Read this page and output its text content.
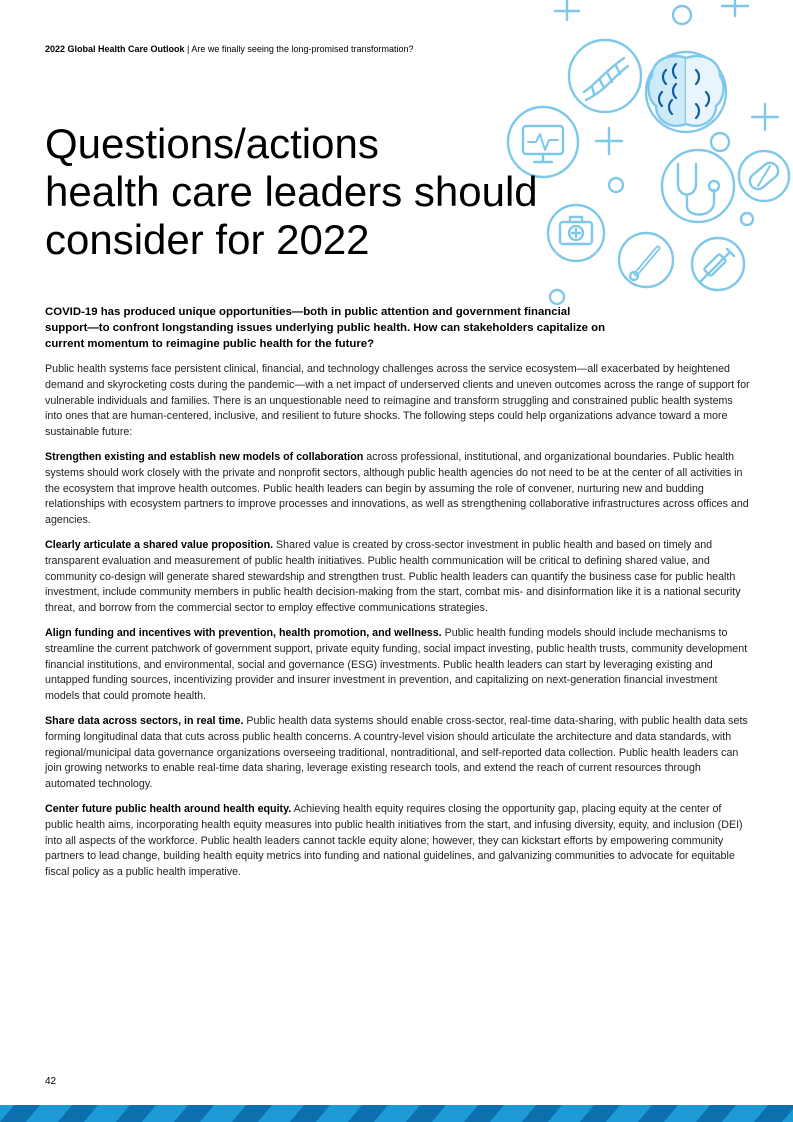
2022 Global Health Care Outlook | Are we finally seeing the long-promised transformation?
Questions/actions
health care leaders should
consider for 2022

COVID-19 has produced unique opportunities—both in public attention and government financial support—to confront longstanding issues underlying public health. How can stakeholders capitalize on current momentum to reimagine public health for the future?

Public health systems face persistent clinical, financial, and technology challenges across the service ecosystem—all exacerbated by heightened demand and skyrocketing costs during the pandemic—with a net impact of underserved clients and uneven outcomes across the range of support for vulnerable individuals and families. There is an unquestionable need to reimagine and transform struggling and constrained public health systems into ones that are human-centered, inclusive, and resilient to future shocks. The following steps could help organizations advance toward a more sustainable future:

Strengthen existing and establish new models of collaboration across professional, institutional, and organizational boundaries. Public health systems should work closely with the private and nonprofit sectors, although public health agencies do not need to be at the center of all activities in the ecosystem that improve health outcomes. Public health leaders can begin by assuming the role of convener, nurturing new and budding relationships with ecosystem partners to improve processes and innovations, as well as strengthening collaborative infrastructures across offices and agencies.

Clearly articulate a shared value proposition. Shared value is created by cross-sector investment in public health and based on timely and transparent evaluation and measurement of public health initiatives. Public health communication will be critical to defining shared value, and community co-design will generate shared stewardship and strengthen trust. Public health leaders can quantify the business case for public health investment, include community members in public health decision-making from the start, combat mis- and disinformation like it is a national security threat, and borrow from the commercial sector to employ effective communications strategies.

Align funding and incentives with prevention, health promotion, and wellness. Public health funding models should include mechanisms to streamline the current patchwork of government support, private equity funding, social impact investing, public health trusts, community development financial institutions, and environmental, social and governance (ESG) investments. Public health leaders can start by leveraging existing and untapped funding sources, incentivizing provider and insurer investment in prevention, and capitalizing on next-generation financial investment models that could promote health.

Share data across sectors, in real time. Public health data systems should enable cross-sector, real-time data-sharing, with public health data sets forming longitudinal data that cuts across public health concerns. A country-level vision should articulate the architecture and data standards, with regional/municipal data governance organizations overseeing traditional, nontraditional, and self-reported data collection. Public health leaders can join growing networks to enable real-time data sharing, leverage existing research tools, and extend the reach of current resources through automated technology.

Center future public health around health equity. Achieving health equity requires closing the opportunity gap, placing equity at the center of public health aims, incorporating health equity measures into public health initiatives from the start, and infusing diversity, equity, and inclusion (DEI) into all aspects of the workforce. Public health leaders cannot tackle equity alone; however, they can kickstart efforts by empowering community partners to lead change, building health equity metrics into funding and national guidelines, and galvanizing communities to advocate for equitable fiscal policy as a public health imperative.

42
